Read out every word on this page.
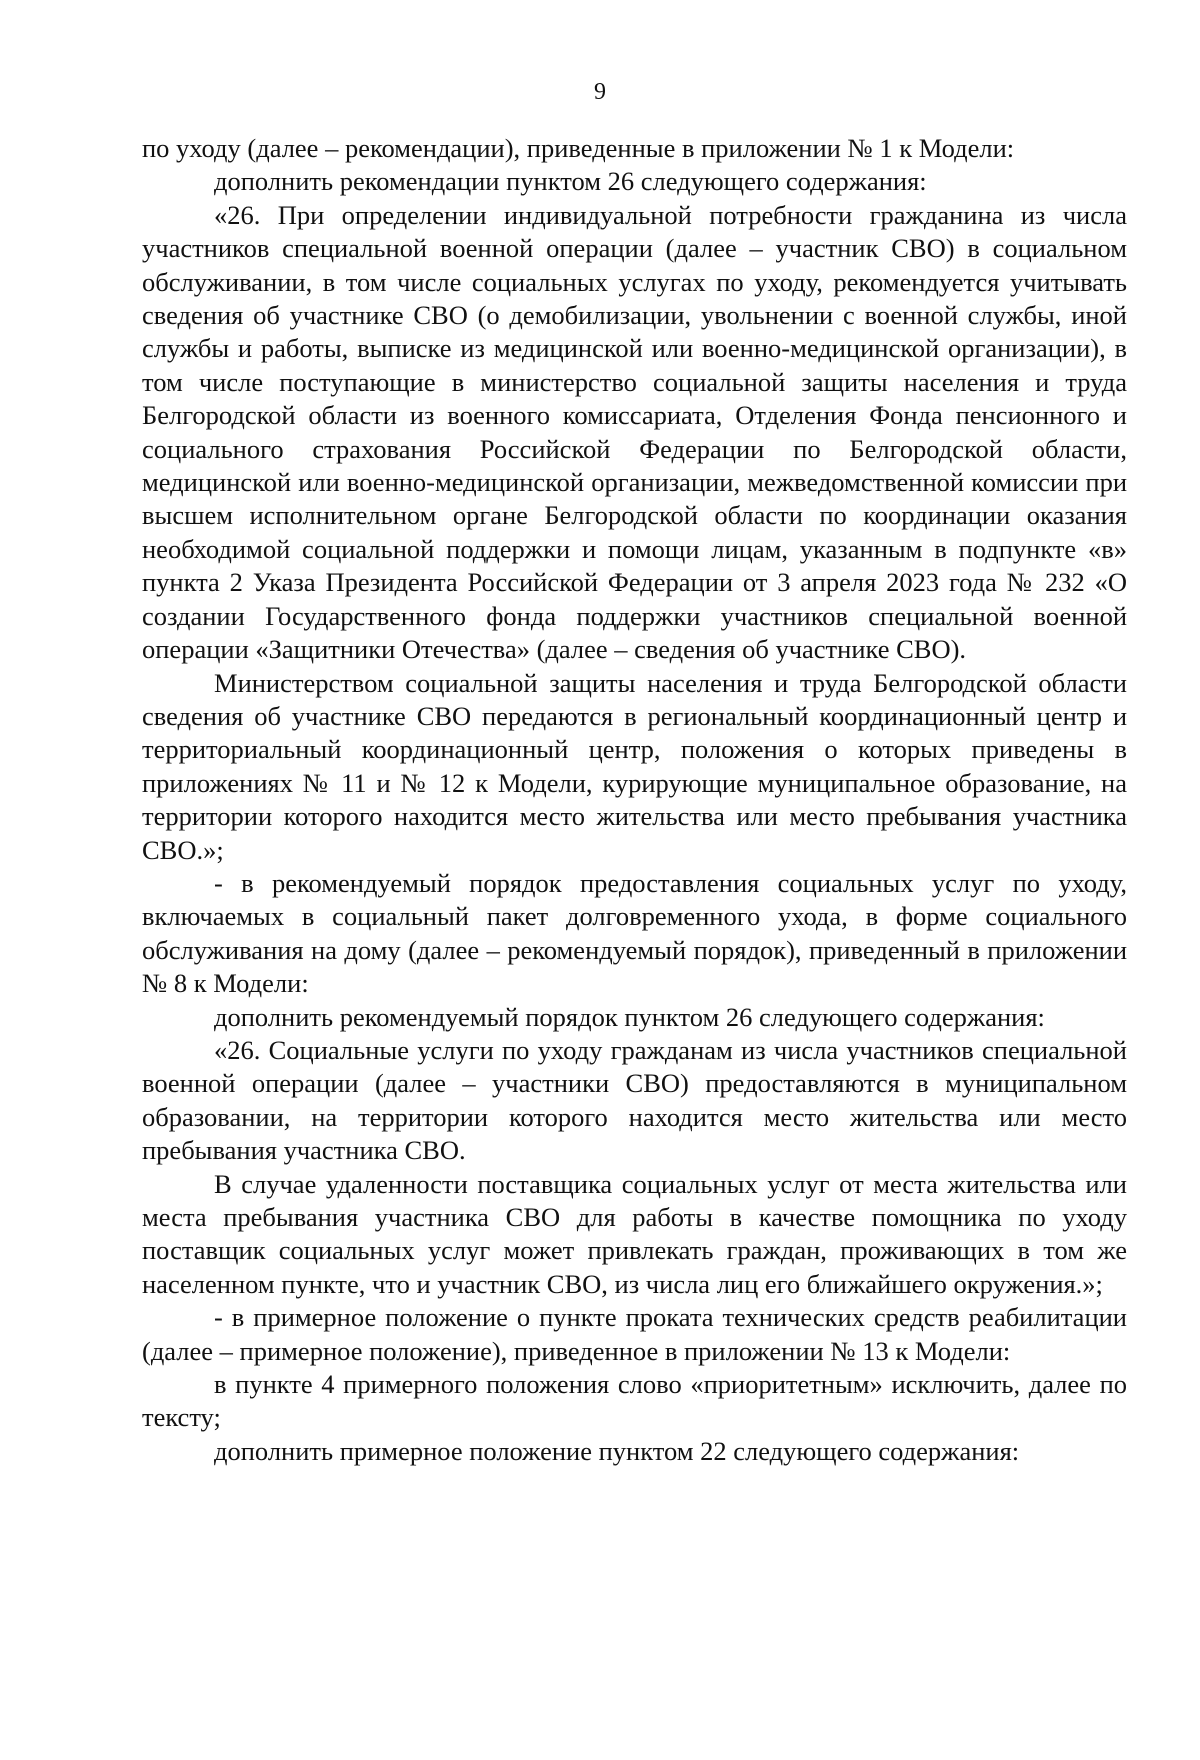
9

по уходу (далее – рекомендации), приведенные в приложении № 1 к Модели:

дополнить рекомендации пунктом 26 следующего содержания:

«26. При определении индивидуальной потребности гражданина из числа участников специальной военной операции (далее – участник СВО) в социальном обслуживании, в том числе социальных услугах по уходу, рекомендуется учитывать сведения об участнике СВО (о демобилизации, увольнении с военной службы, иной службы и работы, выписке из медицинской или военно-медицинской организации), в том числе поступающие в министерство социальной защиты населения и труда Белгородской области из военного комиссариата, Отделения Фонда пенсионного и социального страхования Российской Федерации по Белгородской области, медицинской или военно-медицинской организации, межведомственной комиссии при высшем исполнительном органе Белгородской области по координации оказания необходимой социальной поддержки и помощи лицам, указанным в подпункте «в» пункта 2 Указа Президента Российской Федерации от 3 апреля 2023 года № 232 «О создании Государственного фонда поддержки участников специальной военной операции «Защитники Отечества» (далее – сведения об участнике СВО).

Министерством социальной защиты населения и труда Белгородской области сведения об участнике СВО передаются в региональный координационный центр и территориальный координационный центр, положения о которых приведены в приложениях № 11 и № 12 к Модели, курирующие муниципальное образование, на территории которого находится место жительства или место пребывания участника СВО.»;

- в рекомендуемый порядок предоставления социальных услуг по уходу, включаемых в социальный пакет долговременного ухода, в форме социального обслуживания на дому (далее – рекомендуемый порядок), приведенный в приложении № 8 к Модели:

дополнить рекомендуемый порядок пунктом 26 следующего содержания:

«26. Социальные услуги по уходу гражданам из числа участников специальной военной операции (далее – участники СВО) предоставляются в муниципальном образовании, на территории которого находится место жительства или место пребывания участника СВО.

В случае удаленности поставщика социальных услуг от места жительства или места пребывания участника СВО для работы в качестве помощника по уходу поставщик социальных услуг может привлекать граждан, проживающих в том же населенном пункте, что и участник СВО, из числа лиц его ближайшего окружения.»;

- в примерное положение о пункте проката технических средств реабилитации (далее – примерное положение), приведенное в приложении № 13 к Модели:

в пункте 4 примерного положения слово «приоритетным» исключить, далее по тексту;

дополнить примерное положение пунктом 22 следующего содержания:
